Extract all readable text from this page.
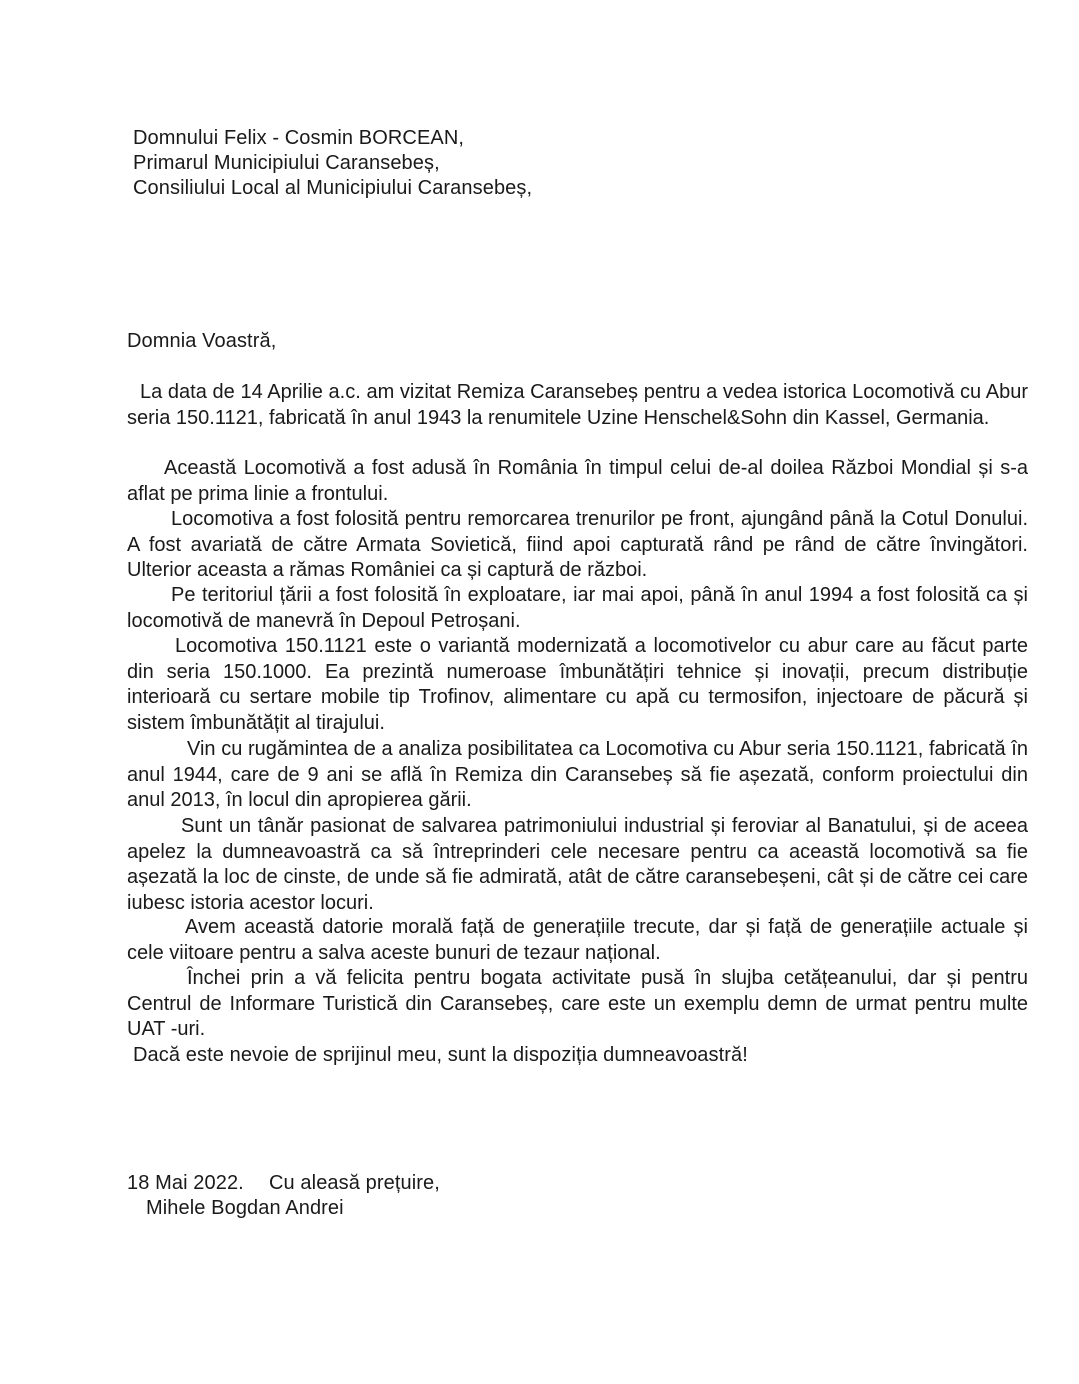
Domnului Felix - Cosmin BORCEAN,
Primarul Municipiului Caransebeș,
Consiliului Local al Municipiului Caransebeș,
Domnia Voastră,
La data de 14 Aprilie a.c. am vizitat Remiza Caransebeș pentru a vedea istorica Locomotivă cu Abur seria 150.1121, fabricată în anul 1943 la renumitele Uzine Henschel&Sohn din Kassel, Germania.
Această Locomotivă a fost adusă în România în timpul celui de-al doilea Război Mondial și s-a aflat pe prima linie a frontului.
Locomotiva a fost folosită pentru remorcarea trenurilor pe front, ajungând până la Cotul Donului. A fost avariată de către Armata Sovietică, fiind apoi capturată rând pe rând de către învingători. Ulterior aceasta a rămas României ca și captură de război.
Pe teritoriul țării a fost folosită în exploatare, iar mai apoi, până în anul 1994 a fost folosită ca și locomotivă de manevră în Depoul Petroșani.
Locomotiva 150.1121 este o variantă modernizată a locomotivelor cu abur care au făcut parte din seria 150.1000. Ea prezintă numeroase îmbunătățiri tehnice și inovații, precum distribuție interioară cu sertare mobile tip Trofinov, alimentare cu apă cu termosifon, injectoare de păcură și sistem îmbunătățit al tirajului.
Vin cu rugămintea de a analiza posibilitatea ca Locomotiva cu Abur seria 150.1121, fabricată în anul 1944, care de 9 ani se află în Remiza din Caransebeș să fie așezată, conform proiectului din anul 2013, în locul din apropierea gării.
Sunt un tânăr pasionat de salvarea patrimoniului industrial și feroviar al Banatului, și de aceea apelez la dumneavoastră ca să întreprinderi cele necesare pentru ca această locomotivă sa fie așezată la loc de cinste, de unde să fie admirată, atât de către caransebeșeni, cât și de către cei care iubesc istoria acestor locuri.
Avem această datorie morală față de generațiile trecute, dar și față de generațiile actuale și cele viitoare pentru a salva aceste bunuri de tezaur național.
Închei prin a vă felicita pentru bogata activitate pusă în slujba cetățeanului, dar și pentru Centrul de Informare Turistică din Caransebeș, care este un exemplu demn de urmat pentru multe UAT -uri.
Dacă este nevoie de sprijinul meu, sunt la dispoziția dumneavoastră!
18 Mai 2022. Cu aleasă prețuire,
Mihele Bogdan Andrei
